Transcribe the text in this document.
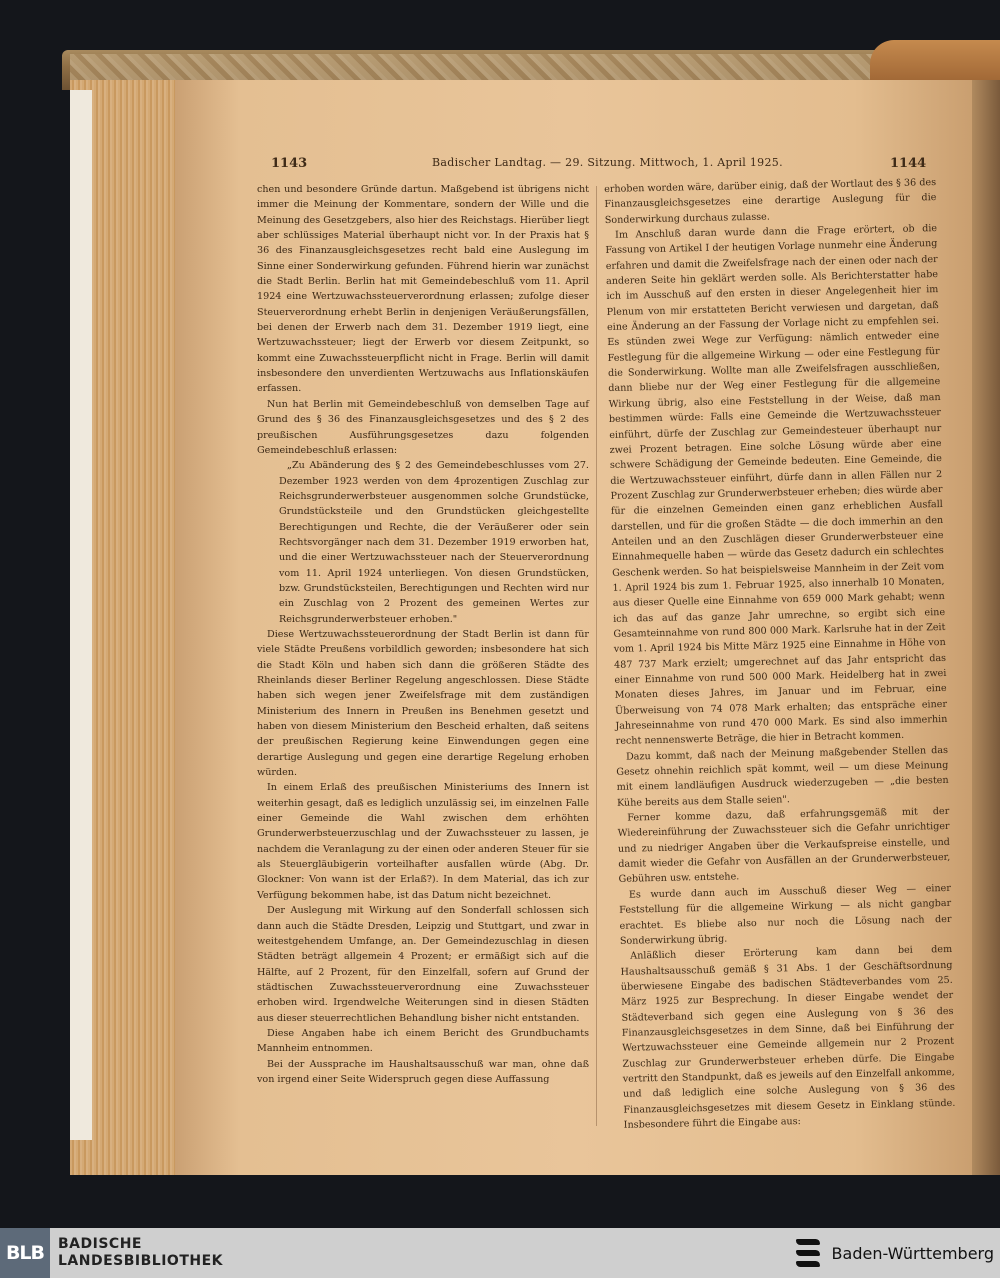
1143	Badischer Landtag. — 29. Sitzung. Mittwoch, 1. April 1925.	1144

chen und besondere Gründe dartun. Maßgebend ist übrigens nicht immer die Meinung der Kommentare, sondern der Wille und die Meinung des Gesetzgebers, also hier des Reichstags. Hierüber liegt aber schlüssiges Material überhaupt nicht vor. In der Praxis hat § 36 des Finanzausgleichsgesetzes recht bald eine Auslegung im Sinne einer Sonderwirkung gefunden. Führend hierin war zunächst die Stadt Berlin. Berlin hat mit Gemeindebeschluß vom 11. April 1924 eine Wertzuwachssteuerverordnung erlassen; zufolge dieser Steuerverordnung erhebt Berlin in denjenigen Veräußerungsfällen, bei denen der Erwerb nach dem 31. Dezember 1919 liegt, eine Wertzuwachssteuer; liegt der Erwerb vor diesem Zeitpunkt, so kommt eine Zuwachssteuerpflicht nicht in Frage. Berlin will damit insbesondere den unverdienten Wertzuwachs aus Inflationskäufen erfassen.

Nun hat Berlin mit Gemeindebeschluß von demselben Tage auf Grund des § 36 des Finanzausgleichsgesetzes und des § 2 des preußischen Ausführungsgesetzes dazu folgenden Gemeindebeschluß erlassen:

„Zu Abänderung des § 2 des Gemeindebeschlusses vom 27. Dezember 1923 werden von dem 4prozentigen Zuschlag zur Reichsgrunderwerbsteuer ausgenommen solche Grundstücke, Grundstücksteile und den Grundstücken gleichgestellte Berechtigungen und Rechte, die der Veräußerer oder sein Rechtsvorgänger nach dem 31. Dezember 1919 erworben hat, und die einer Wertzuwachssteuer nach der Steuerverordnung vom 11. April 1924 unterliegen. Von diesen Grundstücken, bzw. Grundstücksteilen, Berechtigungen und Rechten wird nur ein Zuschlag von 2 Prozent des gemeinen Wertes zur Reichsgrunderwerbsteuer erhoben."

Diese Wertzuwachssteuerordnung der Stadt Berlin ist dann für viele Städte Preußens vorbildlich geworden; insbesondere hat sich die Stadt Köln und haben sich dann die größeren Städte des Rheinlands dieser Berliner Regelung angeschlossen. Diese Städte haben sich wegen jener Zweifelsfrage mit dem zuständigen Ministerium des Innern in Preußen ins Benehmen gesetzt und haben von diesem Ministerium den Bescheid erhalten, daß seitens der preußischen Regierung keine Einwendungen gegen eine derartige Auslegung und gegen eine derartige Regelung erhoben würden.

In einem Erlaß des preußischen Ministeriums des Innern ist weiterhin gesagt, daß es lediglich unzulässig sei, im einzelnen Falle einer Gemeinde die Wahl zwischen dem erhöhten Grunderwerbsteuerzuschlag und der Zuwachssteuer zu lassen, je nachdem die Veranlagung zu der einen oder anderen Steuer für sie als Steuergläubigerin vorteilhafter ausfallen würde (Abg. Dr. Glockner: Von wann ist der Erlaß?). In dem Material, das ich zur Verfügung bekommen habe, ist das Datum nicht bezeichnet.

Der Auslegung mit Wirkung auf den Sonderfall schlossen sich dann auch die Städte Dresden, Leipzig und Stuttgart, und zwar in weitestgehendem Umfange, an. Der Gemeindezuschlag in diesen Städten beträgt allgemein 4 Prozent; er ermäßigt sich auf die Hälfte, auf 2 Prozent, für den Einzelfall, sofern auf Grund der städtischen Zuwachssteuerverordnung eine Zuwachssteuer erhoben wird. Irgendwelche Weiterungen sind in diesen Städten aus dieser steuerrechtlichen Behandlung bisher nicht entstanden.

Diese Angaben habe ich einem Bericht des Grundbuchamts Mannheim entnommen.

Bei der Aussprache im Haushaltsausschuß war man, ohne daß von irgend einer Seite Widerspruch gegen diese Auffassung

erhoben worden wäre, darüber einig, daß der Wortlaut des § 36 des Finanzausgleichsgesetzes eine derartige Auslegung für die Sonderwirkung durchaus zulasse.

Im Anschluß daran wurde dann die Frage erörtert, ob die Fassung von Artikel I der heutigen Vorlage nunmehr eine Änderung erfahren und damit die Zweifelsfrage nach der einen oder nach der anderen Seite hin geklärt werden solle. Als Berichterstatter habe ich im Ausschuß auf den ersten in dieser Angelegenheit hier im Plenum von mir erstatteten Bericht verwiesen und dargetan, daß eine Änderung an der Fassung der Vorlage nicht zu empfehlen sei. Es stünden zwei Wege zur Verfügung: nämlich entweder eine Festlegung für die allgemeine Wirkung — oder eine Festlegung für die Sonderwirkung. Wollte man alle Zweifelsfragen ausschließen, dann bliebe nur der Weg einer Festlegung für die allgemeine Wirkung übrig, also eine Feststellung in der Weise, daß man bestimmen würde: Falls eine Gemeinde die Wertzuwachssteuer einführt, dürfe der Zuschlag zur Gemeindesteuer überhaupt nur zwei Prozent betragen. Eine solche Lösung würde aber eine schwere Schädigung der Gemeinde bedeuten. Eine Gemeinde, die die Wertzuwachssteuer einführt, dürfe dann in allen Fällen nur 2 Prozent Zuschlag zur Grunderwerbsteuer erheben; dies würde aber für die einzelnen Gemeinden einen ganz erheblichen Ausfall darstellen, und für die großen Städte — die doch immerhin an den Anteilen und an den Zuschlägen dieser Grunderwerbsteuer eine Einnahmequelle haben — würde das Gesetz dadurch ein schlechtes Geschenk werden. So hat beispielsweise Mannheim in der Zeit vom 1. April 1924 bis zum 1. Februar 1925, also innerhalb 10 Monaten, aus dieser Quelle eine Einnahme von 659 000 Mark gehabt; wenn ich das auf das ganze Jahr umrechne, so ergibt sich eine Gesamteinnahme von rund 800 000 Mark. Karlsruhe hat in der Zeit vom 1. April 1924 bis Mitte März 1925 eine Einnahme in Höhe von 487 737 Mark erzielt; umgerechnet auf das Jahr entspricht das einer Einnahme von rund 500 000 Mark. Heidelberg hat in zwei Monaten dieses Jahres, im Januar und im Februar, eine Überweisung von 74 078 Mark erhalten; das entspräche einer Jahreseinnahme von rund 470 000 Mark. Es sind also immerhin recht nennenswerte Beträge, die hier in Betracht kommen.

Dazu kommt, daß nach der Meinung maßgebender Stellen das Gesetz ohnehin reichlich spät kommt, weil — um diese Meinung mit einem landläufigen Ausdruck wiederzugeben — „die besten Kühe bereits aus dem Stalle seien".

Ferner komme dazu, daß erfahrungsgemäß mit der Wiedereinführung der Zuwachssteuer sich die Gefahr unrichtiger und zu niedriger Angaben über die Verkaufspreise einstelle, und damit wieder die Gefahr von Ausfällen an der Grunderwerbsteuer, Gebühren usw. entstehe.

Es wurde dann auch im Ausschuß dieser Weg — einer Feststellung für die allgemeine Wirkung — als nicht gangbar erachtet. Es bliebe also nur noch die Lösung nach der Sonderwirkung übrig.

Anläßlich dieser Erörterung kam dann bei dem Haushaltsausschuß gemäß § 31 Abs. 1 der Geschäftsordnung überwiesene Eingabe des badischen Städteverbandes vom 25. März 1925 zur Besprechung. In dieser Eingabe wendet der Städteverband sich gegen eine Auslegung von § 36 des Finanzausgleichsgesetzes in dem Sinne, daß bei Einführung der Wertzuwachssteuer eine Gemeinde allgemein nur 2 Prozent Zuschlag zur Grunderwerbsteuer erheben dürfe. Die Eingabe vertritt den Standpunkt, daß es jeweils auf den Einzelfall ankomme, und daß lediglich eine solche Auslegung von § 36 des Finanzausgleichsgesetzes mit diesem Gesetz in Einklang stünde. Insbesondere führt die Eingabe aus:

BLB BADISCHE
LANDESBIBLIOTHEK	Baden-Württemberg
